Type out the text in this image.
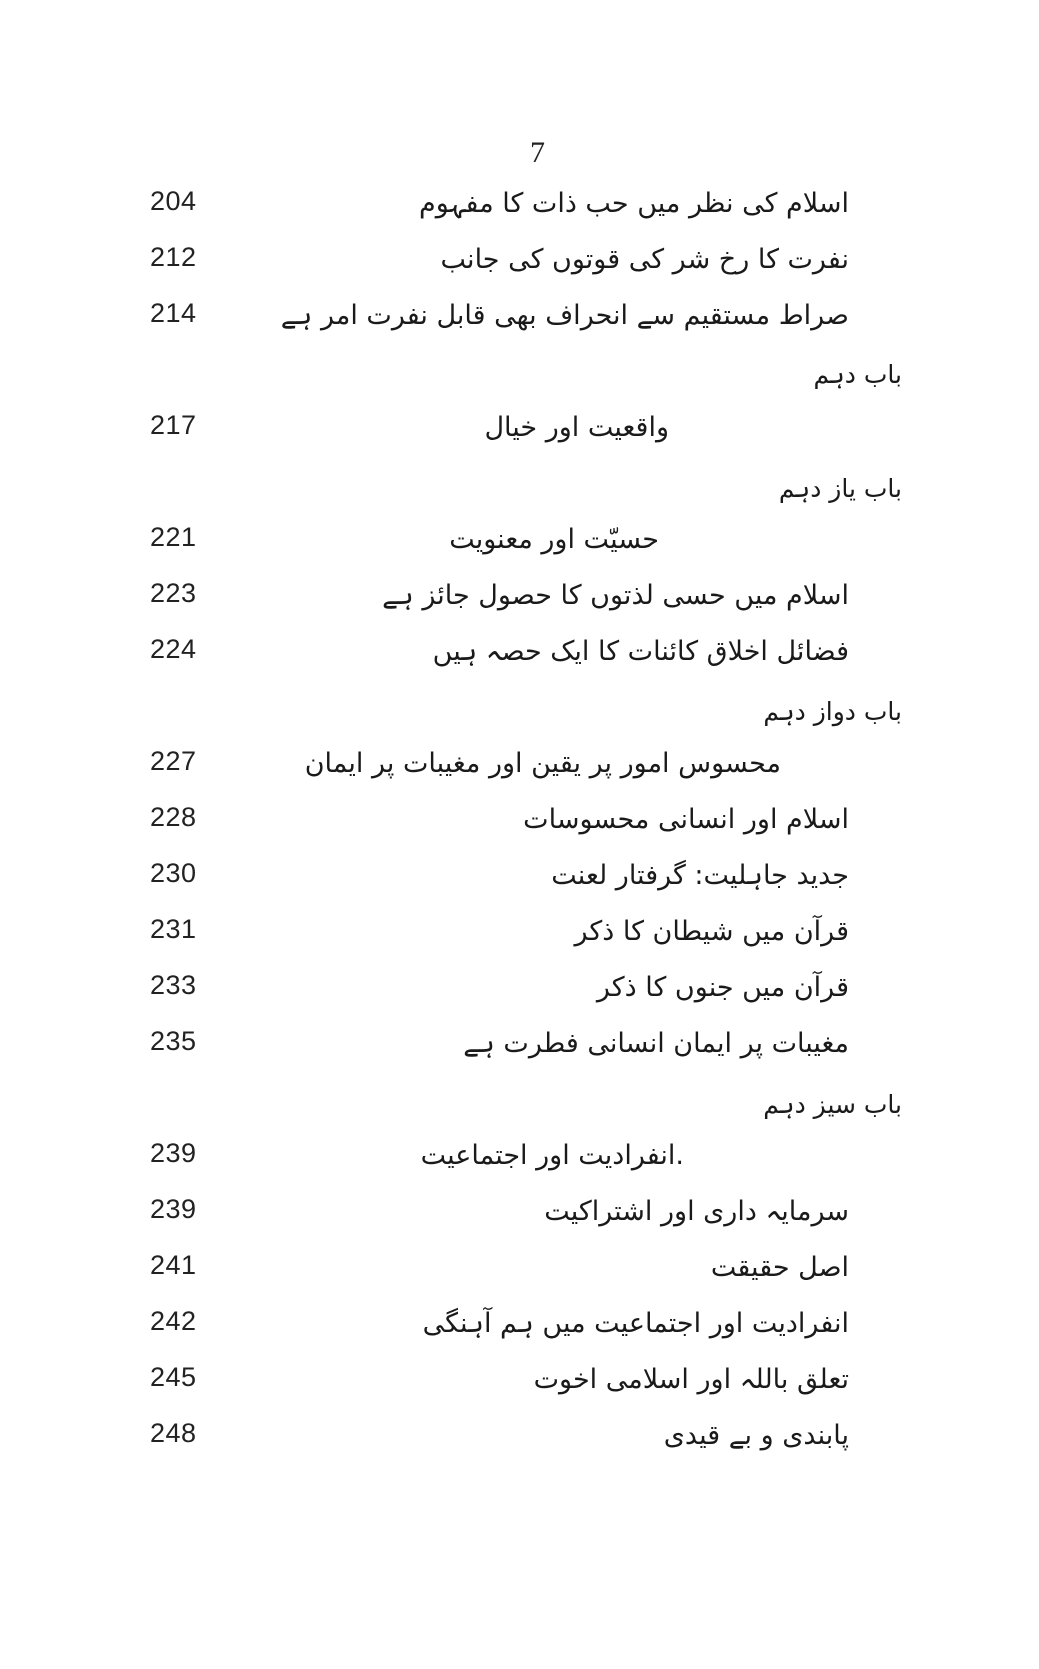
7
204	اسلام کی نظر میں حب ذات کا مفہوم
212	نفرت کا رخ شر کی قوتوں کی جانب
214	صراط مستقیم سے انحراف بھی قابل نفرت امر ہے
باب دہم
217	واقعیت اور خیال
باب یاز دہم
221	حسیّت اور معنویت
223	اسلام میں حسی لذتوں کا حصول جائز ہے
224	فضائل اخلاق کائنات کا ایک حصہ ہیں
باب دواز دہم
227	محسوس امور پر یقین اور مغیبات پر ایمان
228	اسلام اور انسانی محسوسات
230	جدید جاہلیت: گرفتار لعنت
231	قرآن میں شیطان کا ذکر
233	قرآن میں جنوں کا ذکر
235	مغیبات پر ایمان انسانی فطرت ہے
باب سیز دہم
239	.انفرادیت اور اجتماعیت
239	سرمایہ داری اور اشتراکیت
241	اصل حقیقت
242	انفرادیت اور اجتماعیت میں ہم آہنگی
245	تعلق باللہ اور اسلامی اخوت
248	پابندی و بے قیدی
